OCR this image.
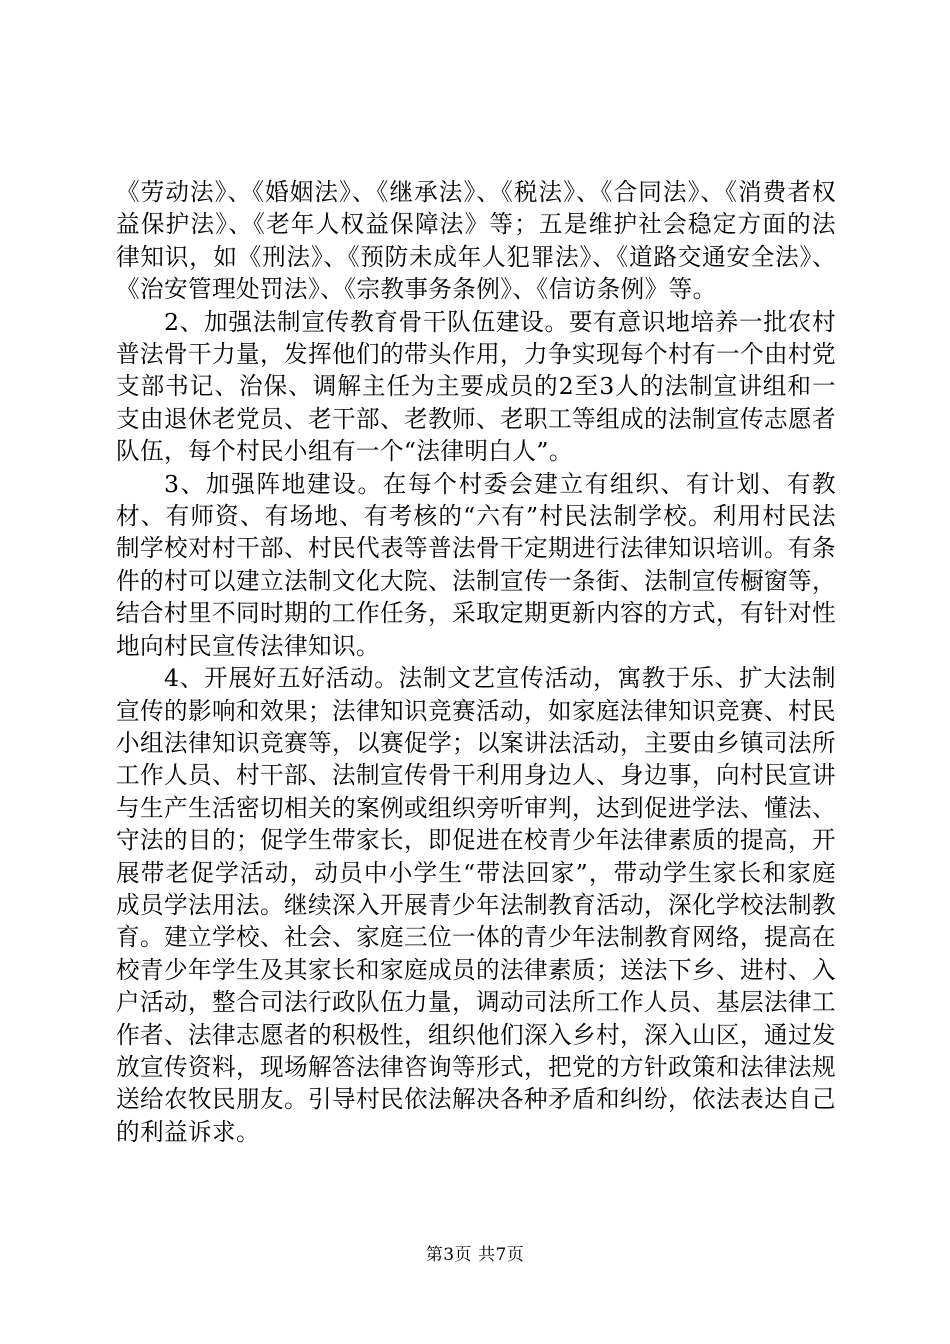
《劳动法》、《婚姻法》、《继承法》、《税法》、《合同法》、《消费者权益保护法》、《老年人权益保障法》等；五是维护社会稳定方面的法律知识，如《刑法》、《预防未成年人犯罪法》、《道路交通安全法》、《治安管理处罚法》、《宗教事务条例》、《信访条例》等。

2、加强法制宣传教育骨干队伍建设。要有意识地培养一批农村普法骨干力量，发挥他们的带头作用，力争实现每个村有一个由村党支部书记、治保、调解主任为主要成员的2至3人的法制宣讲组和一支由退休老党员、老干部、老教师、老职工等组成的法制宣传志愿者队伍，每个村民小组有一个“法律明白人”。

3、加强阵地建设。在每个村委会建立有组织、有计划、有教材、有师资、有场地、有考核的“六有”村民法制学校。利用村民法制学校对村干部、村民代表等普法骨干定期进行法律知识培训。有条件的村可以建立法制文化大院、法制宣传一条街、法制宣传橱窗等，结合村里不同时期的工作任务，采取定期更新内容的方式，有针对性地向村民宣传法律知识。

4、开展好五好活动。法制文艺宣传活动，寓教于乐、扩大法制宣传的影响和效果；法律知识竞赛活动，如家庭法律知识竞赛、村民小组法律知识竞赛等，以赛促学；以案讲法活动，主要由乡镇司法所工作人员、村干部、法制宣传骨干利用身边人、身边事，向村民宣讲与生产生活密切相关的案例或组织旁听审判，达到促进学法、懂法、守法的目的；促学生带家长，即促进在校青少年法律素质的提高，开展带老促学活动，动员中小学生“带法回家”，带动学生家长和家庭成员学法用法。继续深入开展青少年法制教育活动，深化学校法制教育。建立学校、社会、家庭三位一体的青少年法制教育网络，提高在校青少年学生及其家长和家庭成员的法律素质；送法下乡、进村、入户活动，整合司法行政队伍力量，调动司法所工作人员、基层法律工作者、法律志愿者的积极性，组织他们深入乡村，深入山区，通过发放宣传资料，现场解答法律咨询等形式，把党的方针政策和法律法规送给农牧民朋友。引导村民依法解决各种矛盾和纠纷，依法表达自己的利益诉求。

第3页 共7页
